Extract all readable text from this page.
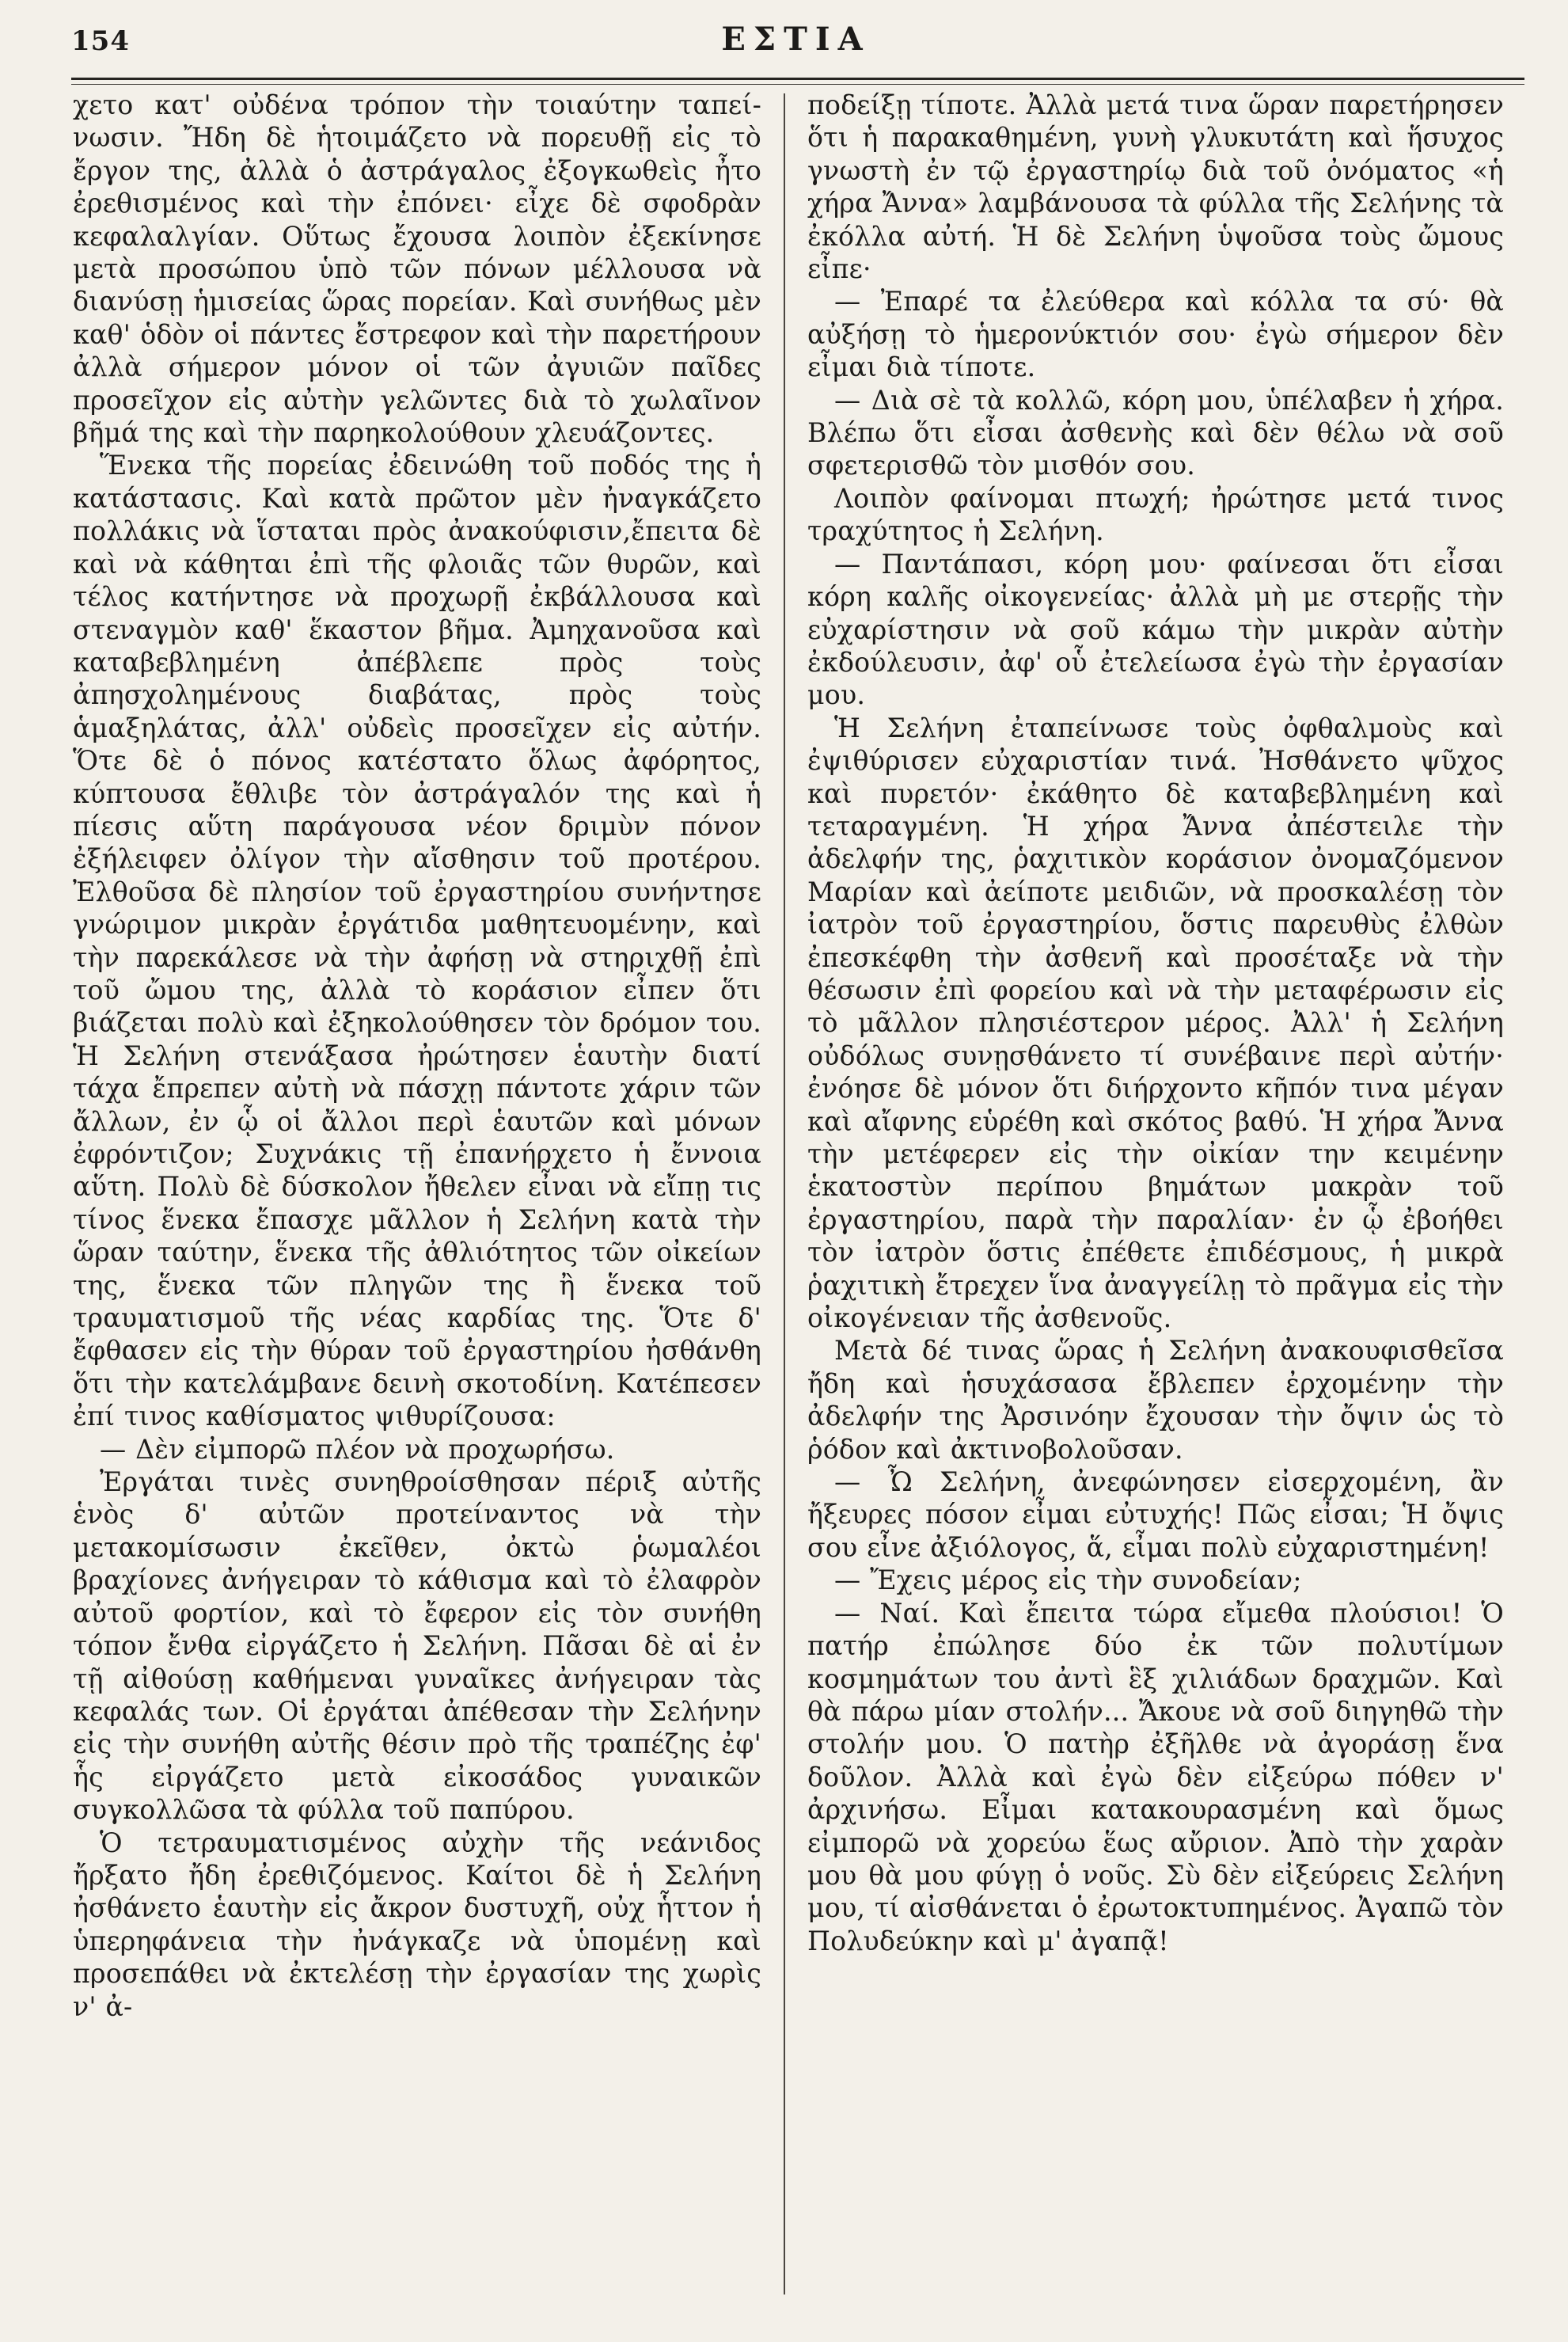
154	ΕΣΤΙΑ

χετο κατ' οὐδένα τρόπον τὴν τοιαύτην ταπεί-νωσιν. Ἤδη δὲ ἡτοιμάζετο νὰ πορευθῇ εἰς τὸ ἔργον της, ἀλλὰ ὁ ἀστράγαλος ἐξογκωθεὶς ἦτο ἐρεθισμένος καὶ τὴν ἐπόνει· εἶχε δὲ σφοδρὰν κεφαλαλγίαν. Οὕτως ἔχουσα λοιπὸν ἐξεκίνησε μετὰ προσώπου ὑπὸ τῶν πόνων μέλλουσα νὰ διανύσῃ ἡμισείας ὥρας πορείαν. Καὶ συνήθως μὲν καθ' ὁδὸν οἱ πάντες ἔστρεφον καὶ τὴν παρετήρουν ἀλλὰ σήμερον μόνον οἱ τῶν ἀγυιῶν παῖδες προσεῖχον εἰς αὐτὴν γελῶντες διὰ τὸ χωλαῖνον βῆμά της καὶ τὴν παρηκολούθουν χλευάζοντες.

Ἕνεκα τῆς πορείας ἐδεινώθη τοῦ ποδός της ἡ κατάστασις. Καὶ κατὰ πρῶτον μὲν ἠναγκάζετο πολλάκις νὰ ἵσταται πρὸς ἀνακούφισιν,ἔπειτα δὲ καὶ νὰ κάθηται ἐπὶ τῆς φλοιᾶς τῶν θυρῶν, καὶ τέλος κατήντησε νὰ προχωρῇ ἐκβάλλουσα καὶ στεναγμὸν καθ' ἕκαστον βῆμα. Ἀμηχανοῦσα καὶ καταβεβλημένη ἀπέβλεπε πρὸς τοὺς ἀπησχολημένους διαβάτας, πρὸς τοὺς ἁμαξηλάτας, ἀλλ' οὐδεὶς προσεῖχεν εἰς αὐτήν. Ὅτε δὲ ὁ πόνος κατέστατο ὅλως ἀφόρητος, κύπτουσα ἔθλιβε τὸν ἀστράγαλόν της καὶ ἡ πίεσις αὕτη παράγουσα νέον δριμὺν πόνον ἐξήλειφεν ὀλίγον τὴν αἴσθησιν τοῦ προτέρου. Ἐλθοῦσα δὲ πλησίον τοῦ ἐργαστηρίου συνήντησε γνώριμον μικρὰν ἐργάτιδα μαθητευομένην, καὶ τὴν παρεκάλεσε νὰ τὴν ἀφήσῃ νὰ στηριχθῇ ἐπὶ τοῦ ὤμου της, ἀλλὰ τὸ κοράσιον εἶπεν ὅτι βιάζεται πολὺ καὶ ἐξηκολούθησεν τὸν δρόμον του. Ἡ Σελήνη στενάξασα ἠρώτησεν ἑαυτὴν διατί τάχα ἔπρεπεν αὐτὴ νὰ πάσχῃ πάντοτε χάριν τῶν ἄλλων, ἐν ᾧ οἱ ἄλλοι περὶ ἑαυτῶν καὶ μόνων ἐφρόντιζον; Συχνάκις τῇ ἐπανήρχετο ἡ ἔννοια αὕτη. Πολὺ δὲ δύσκολον ἤθελεν εἶναι νὰ εἴπῃ τις τίνος ἕνεκα ἔπασχε μᾶλλον ἡ Σελήνη κατὰ τὴν ὥραν ταύτην, ἕνεκα τῆς ἀθλιότητος τῶν οἰκείων της, ἕνεκα τῶν πληγῶν της ἢ ἕνεκα τοῦ τραυματισμοῦ τῆς νέας καρδίας της. Ὅτε δ' ἔφθασεν εἰς τὴν θύραν τοῦ ἐργαστηρίου ἠσθάνθη ὅτι τὴν κατελάμβανε δεινὴ σκοτοδίνη. Κατέπεσεν ἐπί τινος καθίσματος ψιθυρίζουσα:

— Δὲν εἰμπορῶ πλέον νὰ προχωρήσω.

Ἐργάται τινὲς συνηθροίσθησαν πέριξ αὐτῆς ἑνὸς δ' αὐτῶν προτείναντος νὰ τὴν μετακομίσωσιν ἐκεῖθεν, ὀκτὼ ῥωμαλέοι βραχίονες ἀνήγειραν τὸ κάθισμα καὶ τὸ ἐλαφρὸν αὐτοῦ φορτίον, καὶ τὸ ἔφερον εἰς τὸν συνήθη τόπον ἔνθα εἰργάζετο ἡ Σελήνη. Πᾶσαι δὲ αἱ ἐν τῇ αἰθούσῃ καθήμεναι γυναῖκες ἀνήγειραν τὰς κεφαλάς των. Οἱ ἐργάται ἀπέθεσαν τὴν Σελήνην εἰς τὴν συνήθη αὐτῆς θέσιν πρὸ τῆς τραπέζης ἐφ' ἧς εἰργάζετο μετὰ εἰκοσάδος γυναικῶν συγκολλῶσα τὰ φύλλα τοῦ παπύρου.

Ὁ τετραυματισμένος αὐχὴν τῆς νεάνιδος ἤρξατο ἤδη ἐρεθιζόμενος. Καίτοι δὲ ἡ Σελήνη ἠσθάνετο ἑαυτὴν εἰς ἄκρον δυστυχῆ, οὐχ ἧττον ἡ ὑπερηφάνεια τὴν ἠνάγκαζε νὰ ὑπομένῃ καὶ προσεπάθει νὰ ἐκτελέσῃ τὴν ἐργασίαν της χωρὶς ν' ἀ-

ποδείξῃ τίποτε. Ἀλλὰ μετά τινα ὥραν παρετήρησεν ὅτι ἡ παρακαθημένη, γυνὴ γλυκυτάτη καὶ ἥσυχος γνωστὴ ἐν τῷ ἐργαστηρίῳ διὰ τοῦ ὀνόματος «ἡ χήρα Ἄννα» λαμβάνουσα τὰ φύλλα τῆς Σελήνης τὰ ἐκόλλα αὐτή. Ἡ δὲ Σελήνη ὑψοῦσα τοὺς ὤμους εἶπε·

— Ἐπαρέ τα ἐλεύθερα καὶ κόλλα τα σύ· θὰ αὐξήσῃ τὸ ἡμερονύκτιόν σου· ἐγὼ σήμερον δὲν εἶμαι διὰ τίποτε.

— Διὰ σὲ τὰ κολλῶ, κόρη μου, ὑπέλαβεν ἡ χήρα. Βλέπω ὅτι εἶσαι ἀσθενὴς καὶ δὲν θέλω νὰ σοῦ σφετερισθῶ τὸν μισθόν σου.

Λοιπὸν φαίνομαι πτωχή; ἠρώτησε μετά τινος τραχύτητος ἡ Σελήνη.

— Παντάπασι, κόρη μου· φαίνεσαι ὅτι εἶσαι κόρη καλῆς οἰκογενείας· ἀλλὰ μὴ με στερῇς τὴν εὐχαρίστησιν νὰ σοῦ κάμω τὴν μικρὰν αὐτὴν ἐκδούλευσιν, ἀφ' οὗ ἐτελείωσα ἐγὼ τὴν ἐργασίαν μου.

Ἡ Σελήνη ἐταπείνωσε τοὺς ὀφθαλμοὺς καὶ ἐψιθύρισεν εὐχαριστίαν τινά. Ἠσθάνετο ψῦχος καὶ πυρετόν· ἐκάθητο δὲ καταβεβλημένη καὶ τεταραγμένη. Ἡ χήρα Ἄννα ἀπέστειλε τὴν ἀδελφήν της, ῥαχιτικὸν κοράσιον ὀνομαζόμενον Μαρίαν καὶ ἀείποτε μειδιῶν, νὰ προσκαλέσῃ τὸν ἰατρὸν τοῦ ἐργαστηρίου, ὅστις παρευθὺς ἐλθὼν ἐπεσκέφθη τὴν ἀσθενῆ καὶ προσέταξε νὰ τὴν θέσωσιν ἐπὶ φορείου καὶ νὰ τὴν μεταφέρωσιν εἰς τὸ μᾶλλον πλησιέστερον μέρος. Ἀλλ' ἡ Σελήνη οὐδόλως συνῃσθάνετο τί συνέβαινε περὶ αὐτήν· ἐνόησε δὲ μόνον ὅτι διήρχοντο κῆπόν τινα μέγαν καὶ αἴφνης εὑρέθη καὶ σκότος βαθύ. Ἡ χήρα Ἄννα τὴν μετέφερεν εἰς τὴν οἰκίαν την κειμένην ἑκατοστὺν περίπου βημάτων μακρὰν τοῦ ἐργαστηρίου, παρὰ τὴν παραλίαν· ἐν ᾧ ἐβοήθει τὸν ἰατρὸν ὅστις ἐπέθετε ἐπιδέσμους, ἡ μικρὰ ῥαχιτικὴ ἔτρεχεν ἵνα ἀναγγείλῃ τὸ πρᾶγμα εἰς τὴν οἰκογένειαν τῆς ἀσθενοῦς.

Μετὰ δέ τινας ὥρας ἡ Σελήνη ἀνακουφισθεῖσα ἤδη καὶ ἡσυχάσασα ἔβλεπεν ἐρχομένην τὴν ἀδελφήν της Ἀρσινόην ἔχουσαν τὴν ὄψιν ὡς τὸ ῥόδον καὶ ἀκτινοβολοῦσαν.

— Ὦ Σελήνη, ἀνεφώνησεν εἰσερχομένη, ἂν ἤξευρες πόσον εἶμαι εὐτυχής! Πῶς εἶσαι; Ἡ ὄψις σου εἶνε ἀξιόλογος, ἅ, εἶμαι πολὺ εὐχαριστημένη!

— Ἔχεις μέρος εἰς τὴν συνοδείαν;

— Ναί. Καὶ ἔπειτα τώρα εἴμεθα πλούσιοι! Ὁ πατήρ ἐπώλησε δύο ἐκ τῶν πολυτίμων κοσμημάτων του ἀντὶ ἓξ χιλιάδων δραχμῶν. Καὶ θὰ πάρω μίαν στολήν... Ἄκουε νὰ σοῦ διηγηθῶ τὴν στολήν μου. Ὁ πατὴρ ἐξῆλθε νὰ ἀγοράσῃ ἕνα δοῦλον. Ἀλλὰ καὶ ἐγὼ δὲν εἰξεύρω πόθεν ν' ἀρχινήσω. Εἶμαι κατακουρασμένη καὶ ὅμως εἰμπορῶ νὰ χορεύω ἕως αὔριον. Ἀπὸ τὴν χαρὰν μου θὰ μου φύγῃ ὁ νοῦς. Σὺ δὲν εἰξεύρεις Σελήνη μου, τί αἰσθάνεται ὁ ἐρωτοκτυπημένος. Ἀγαπῶ τὸν Πολυδεύκην καὶ μ' ἀγαπᾷ!
